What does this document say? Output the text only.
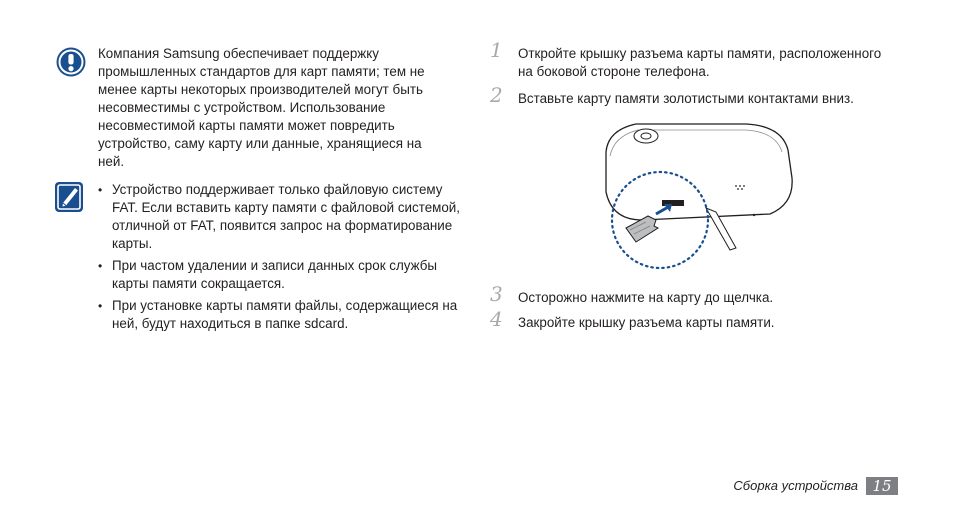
Компания Samsung обеспечивает поддержку промышленных стандартов для карт памяти; тем не менее карты некоторых производителей могут быть несовместимы с устройством. Использование несовместимой карты памяти может повредить устройство, саму карту или данные, хранящиеся на ней.

• Устройство поддерживает только файловую систему FAT. Если вставить карту памяти с файловой системой, отличной от FAT, появится запрос на форматирование карты.
• При частом удалении и записи данных срок службы карты памяти сокращается.
• При установке карты памяти файлы, содержащиеся на ней, будут находиться в папке sdcard.
1	Откройте крышку разъема карты памяти, расположенного на боковой стороне телефона.
2	Вставьте карту памяти золотистыми контактами вниз.
3	Осторожно нажмите на карту до щелчка.
4	Закройте крышку разъема карты памяти.
Сборка устройства 15
